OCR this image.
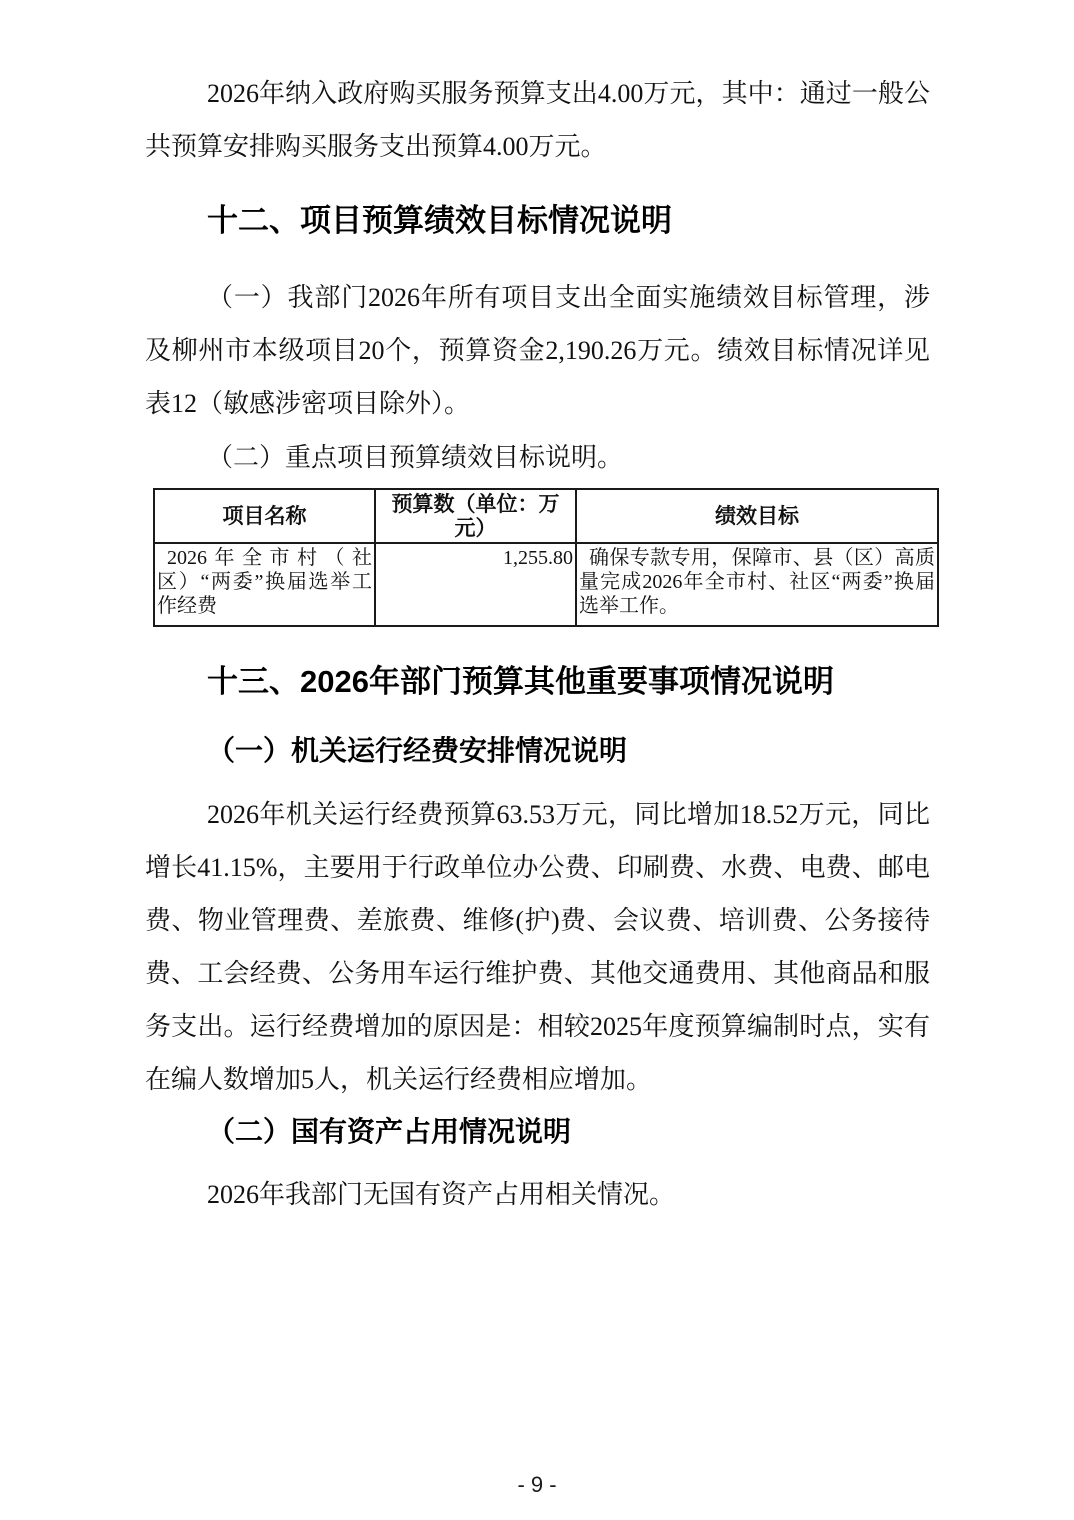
2026年纳入政府购买服务预算支出4.00万元，其中：通过一般公共预算安排购买服务支出预算4.00万元。

十二、项目预算绩效目标情况说明

（一）我部门2026年所有项目支出全面实施绩效目标管理，涉及柳州市本级项目20个，预算资金2,190.26万元。绩效目标情况详见表12（敏感涉密项目除外）。

（二）重点项目预算绩效目标说明。

项目名称	预算数（单位：万元）	绩效目标
2026年全市村（社区）“两委”换届选举工作经费	1,255.80	确保专款专用，保障市、县（区）高质量完成2026年全市村、社区“两委”换届选举工作。
十三、2026年部门预算其他重要事项情况说明
（一）机关运行经费安排情况说明

2026年机关运行经费预算63.53万元，同比增加18.52万元，同比增长41.15%，主要用于行政单位办公费、印刷费、水费、电费、邮电费、物业管理费、差旅费、维修(护)费、会议费、培训费、公务接待费、工会经费、公务用车运行维护费、其他交通费用、其他商品和服务支出。运行经费增加的原因是：相较2025年度预算编制时点，实有在编人数增加5人，机关运行经费相应增加。

（二）国有资产占用情况说明

2026年我部门无国有资产占用相关情况。

- 9 -
